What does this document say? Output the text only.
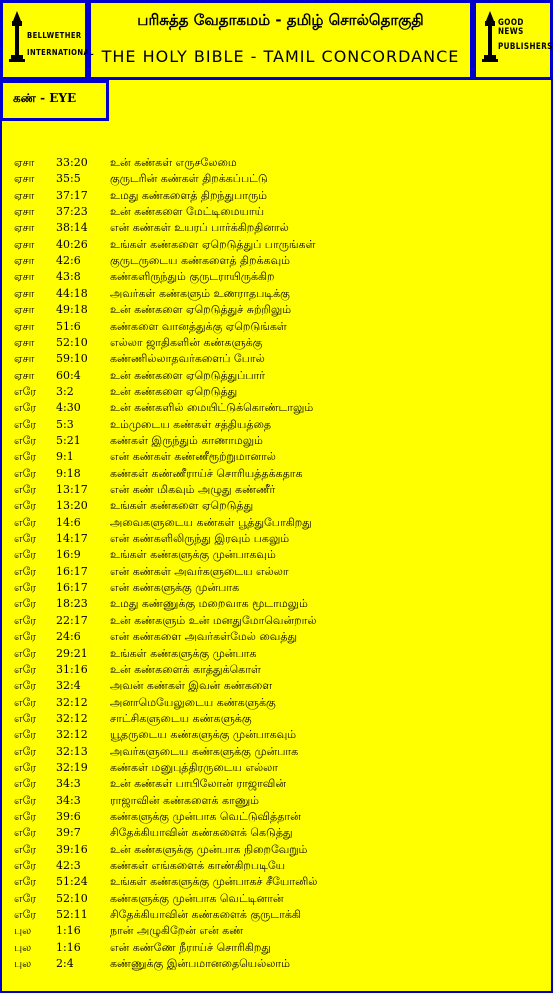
BELLWETHER
INTERNATIONAL
பரிசுத்த வேதாகமம் - தமிழ் சொல்தொகுதி
THE HOLY BIBLE - TAMIL CONCORDANCE
GOOD NEWS
PUBLISHERS
கண் - EYE
ஏசா 33:20 உன் கண்கள் எருசலேமை
ஏசா 35:5	குருடரின் கண்கள் திறக்கப்பட்டு
ஏசா 37:17 உமது கண்களைத் திறந்துபாரும்
ஏசா 37:23 உன் கண்களை மேட்டிமையாய்
ஏசா 38:14 என் கண்கள் உயரப் பார்க்கிறதினால்
ஏசா 40:26 உங்கள் கண்களை ஏறெடுத்துப் பாருங்கள்
ஏசா 42:6	குருடருடைய கண்களைத் திறக்கவும்
ஏசா 43:8	கண்களிருந்தும் குருடராயிருக்கிற
ஏசா 44:18 அவர்கள் கண்களும் உணராதபடிக்கு
ஏசா 49:18 உன் கண்களை ஏறெடுத்துச் சுற்றிலும்
ஏசா 51:6	கண்களை வானத்துக்கு ஏறெடுங்கள்
ஏசா 52:10 எல்லா ஜாதிகளின் கண்களுக்கு
ஏசா 59:10 கண்ணில்லாதவர்களைப் போல்
ஏசா 60:4	உன் கண்களை ஏறெடுத்துப்பார்
எரே 3:2	உன் கண்களை ஏறெடுத்து
எரே 4:30	உன் கண்களில் மையிட்டுக்கொண்டாலும்
எரே 5:3	உம்முடைய கண்கள் சத்தியத்தை
எரே 5:21	கண்கள் இருந்தும் காணாமலும்
எரே 9:1	என் கண்கள் கண்ணீரூற்றுமானால்
எரே 9:18	கண்கள் கண்ணீராய்ச் சொரியத்தக்கதாக
எரே 13:17 என் கண் மிகவும் அழுது கண்ணீர்
எரே 13:20 உங்கள் கண்களை ஏறெடுத்து
எரே 14:6	அவைகளுடைய கண்கள் பூத்துபோகிறது
எரே 14:17 என் கண்களிலிருந்து இரவும் பகலும்
எரே 16:9	உங்கள் கண்களுக்கு முன்பாகவும்
எரே 16:17 என் கண்கள் அவர்களுடைய எல்லா
எரே 16:17 என் கண்களுக்கு முன்பாக
எரே 18:23 உமது கண்ணுக்கு மறைவாக மூடாமலும்
எரே 22:17 உன் கண்களும் உன் மனதுமோவென்றால்
எரே 24:6	என் கண்களை அவர்கள்மேல் வைத்து
எரே 29:21 உங்கள் கண்களுக்கு முன்பாக
எரே 31:16 உன் கண்களைக் காத்துக்கொள்
எரே 32:4	அவன் கண்கள் இவன் கண்களை
எரே 32:12 அனாமெயேலுடைய கண்களுக்கு
எரே 32:12 சாட்சிகளுடைய கண்களுக்கு
எரே 32:12 யூதருடைய கண்களுக்கு முன்பாகவும்
எரே 32:13 அவர்களுடைய கண்களுக்கு முன்பாக
எரே 32:19 கண்கள் மனுபுத்திரருடைய எல்லா
எரே 34:3	உன் கண்கள் பாபிலோன் ராஜாவின்
எரே 34:3	ராஜாவின் கண்களைக் காணும்
எரே 39:6	கண்களுக்கு முன்பாக வெட்டுவித்தான்
எரே 39:7	சிதேக்கியாவின் கண்களைக் கெடுத்து
எரே 39:16 உன் கண்களுக்கு முன்பாக நிறைவேறும்
எரே 42:3	கண்கள் எங்களைக் காண்கிறபடியே
எரே 51:24 உங்கள் கண்களுக்கு முன்பாகச் சீயோனில்
எரே 52:10 கண்களுக்கு முன்பாக வெட்டினான்
எரே 52:11 சிதேக்கியாவின் கண்களைக் குருடாக்கி
புல 1:16	நான் அழுகிறேன் என் கண்
புல 1:16	என் கண்ணே நீராய்ச் சொரிகிறது
புல 2:4	கண்ணுக்கு இன்பமானதையெல்லாம்
